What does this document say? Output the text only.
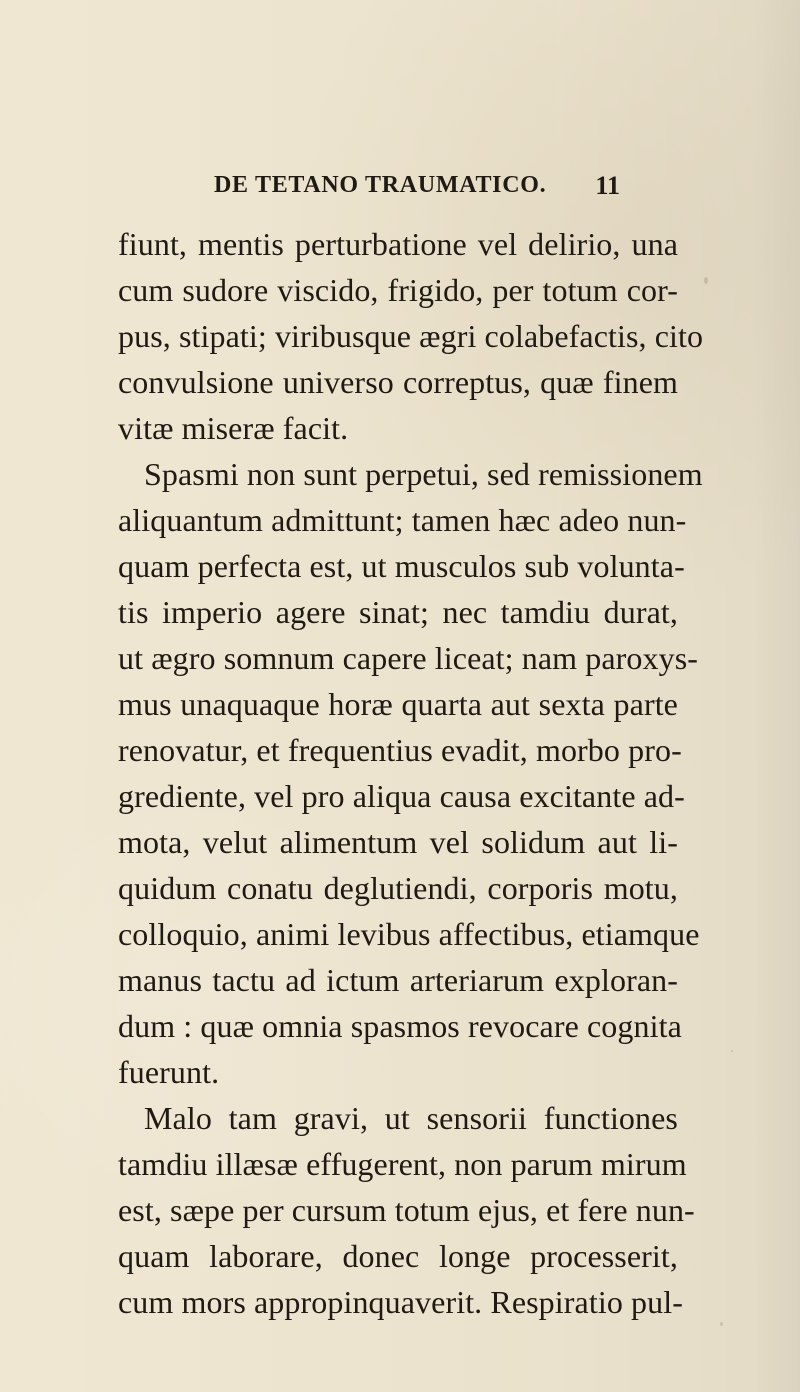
DE TETANO TRAUMATICO. 11
fiunt, mentis perturbatione vel delirio, una
cum sudore viscido, frigido, per totum cor-
pus, stipati; viribusque ægri colabefactis, cito
convulsione universo correptus, quæ finem
vitæ miseræ facit.
Spasmi non sunt perpetui, sed remissionem
aliquantum admittunt; tamen hæc adeo nun-
quam perfecta est, ut musculos sub volunta-
tis imperio agere sinat; nec tamdiu durat,
ut ægro somnum capere liceat; nam paroxys-
mus unaquaque horæ quarta aut sexta parte
renovatur, et frequentius evadit, morbo pro-
grediente, vel pro aliqua causa excitante ad-
mota, velut alimentum vel solidum aut li-
quidum conatu deglutiendi, corporis motu,
colloquio, animi levibus affectibus, etiamque
manus tactu ad ictum arteriarum exploran-
dum : quæ omnia spasmos revocare cognita
fuerunt.
Malo tam gravi, ut sensorii functiones
tamdiu illæsæ effugerent, non parum mirum
est, sæpe per cursum totum ejus, et fere nun-
quam laborare, donec longe processerit,
cum mors appropinquaverit. Respiratio pul-
